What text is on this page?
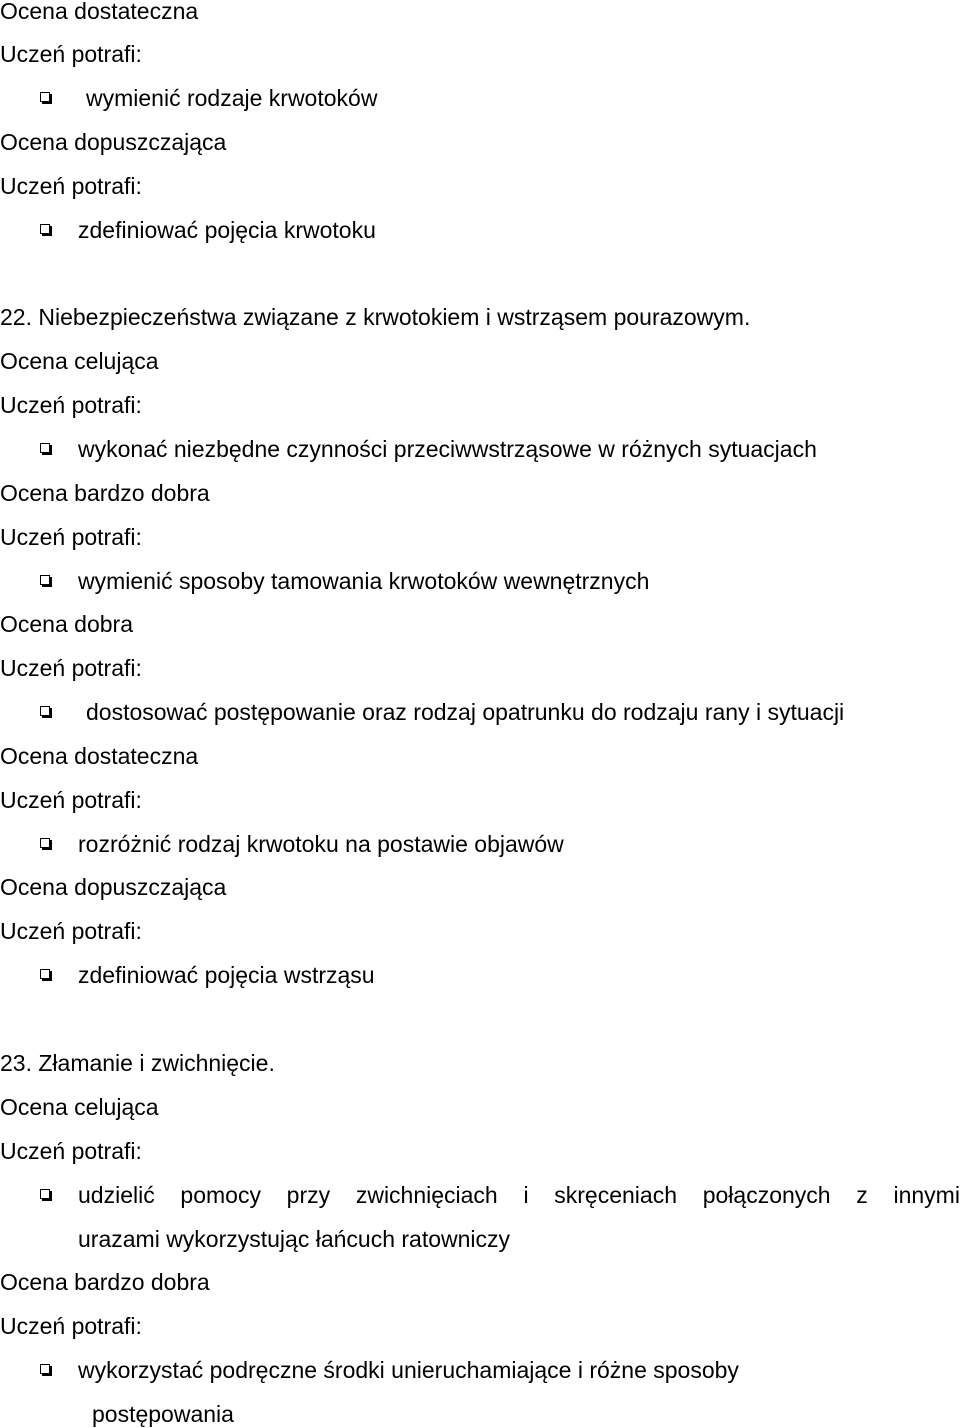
Ocena dostateczna
Uczeń potrafi:
wymienić rodzaje krwotoków
Ocena dopuszczająca
Uczeń potrafi:
zdefiniować pojęcia krwotoku
22. Niebezpieczeństwa związane z krwotokiem i wstrząsem pourazowym.
Ocena celująca
Uczeń potrafi:
wykonać niezbędne czynności przeciwwstrząsowe w różnych sytuacjach
Ocena bardzo dobra
Uczeń potrafi:
wymienić sposoby tamowania krwotoków wewnętrznych
Ocena dobra
Uczeń potrafi:
dostosować postępowanie oraz rodzaj opatrunku do rodzaju rany i sytuacji
Ocena dostateczna
Uczeń potrafi:
rozróżnić rodzaj krwotoku na postawie objawów
Ocena dopuszczająca
Uczeń potrafi:
zdefiniować pojęcia wstrząsu
23. Złamanie i zwichnięcie.
Ocena celująca
Uczeń potrafi:
udzielić pomocy przy zwichnięciach i skręceniach połączonych z innymi
urazami wykorzystując łańcuch ratowniczy
Ocena bardzo dobra
Uczeń potrafi:
wykorzystać podręczne środki unieruchamiające i różne sposoby
postępowania
